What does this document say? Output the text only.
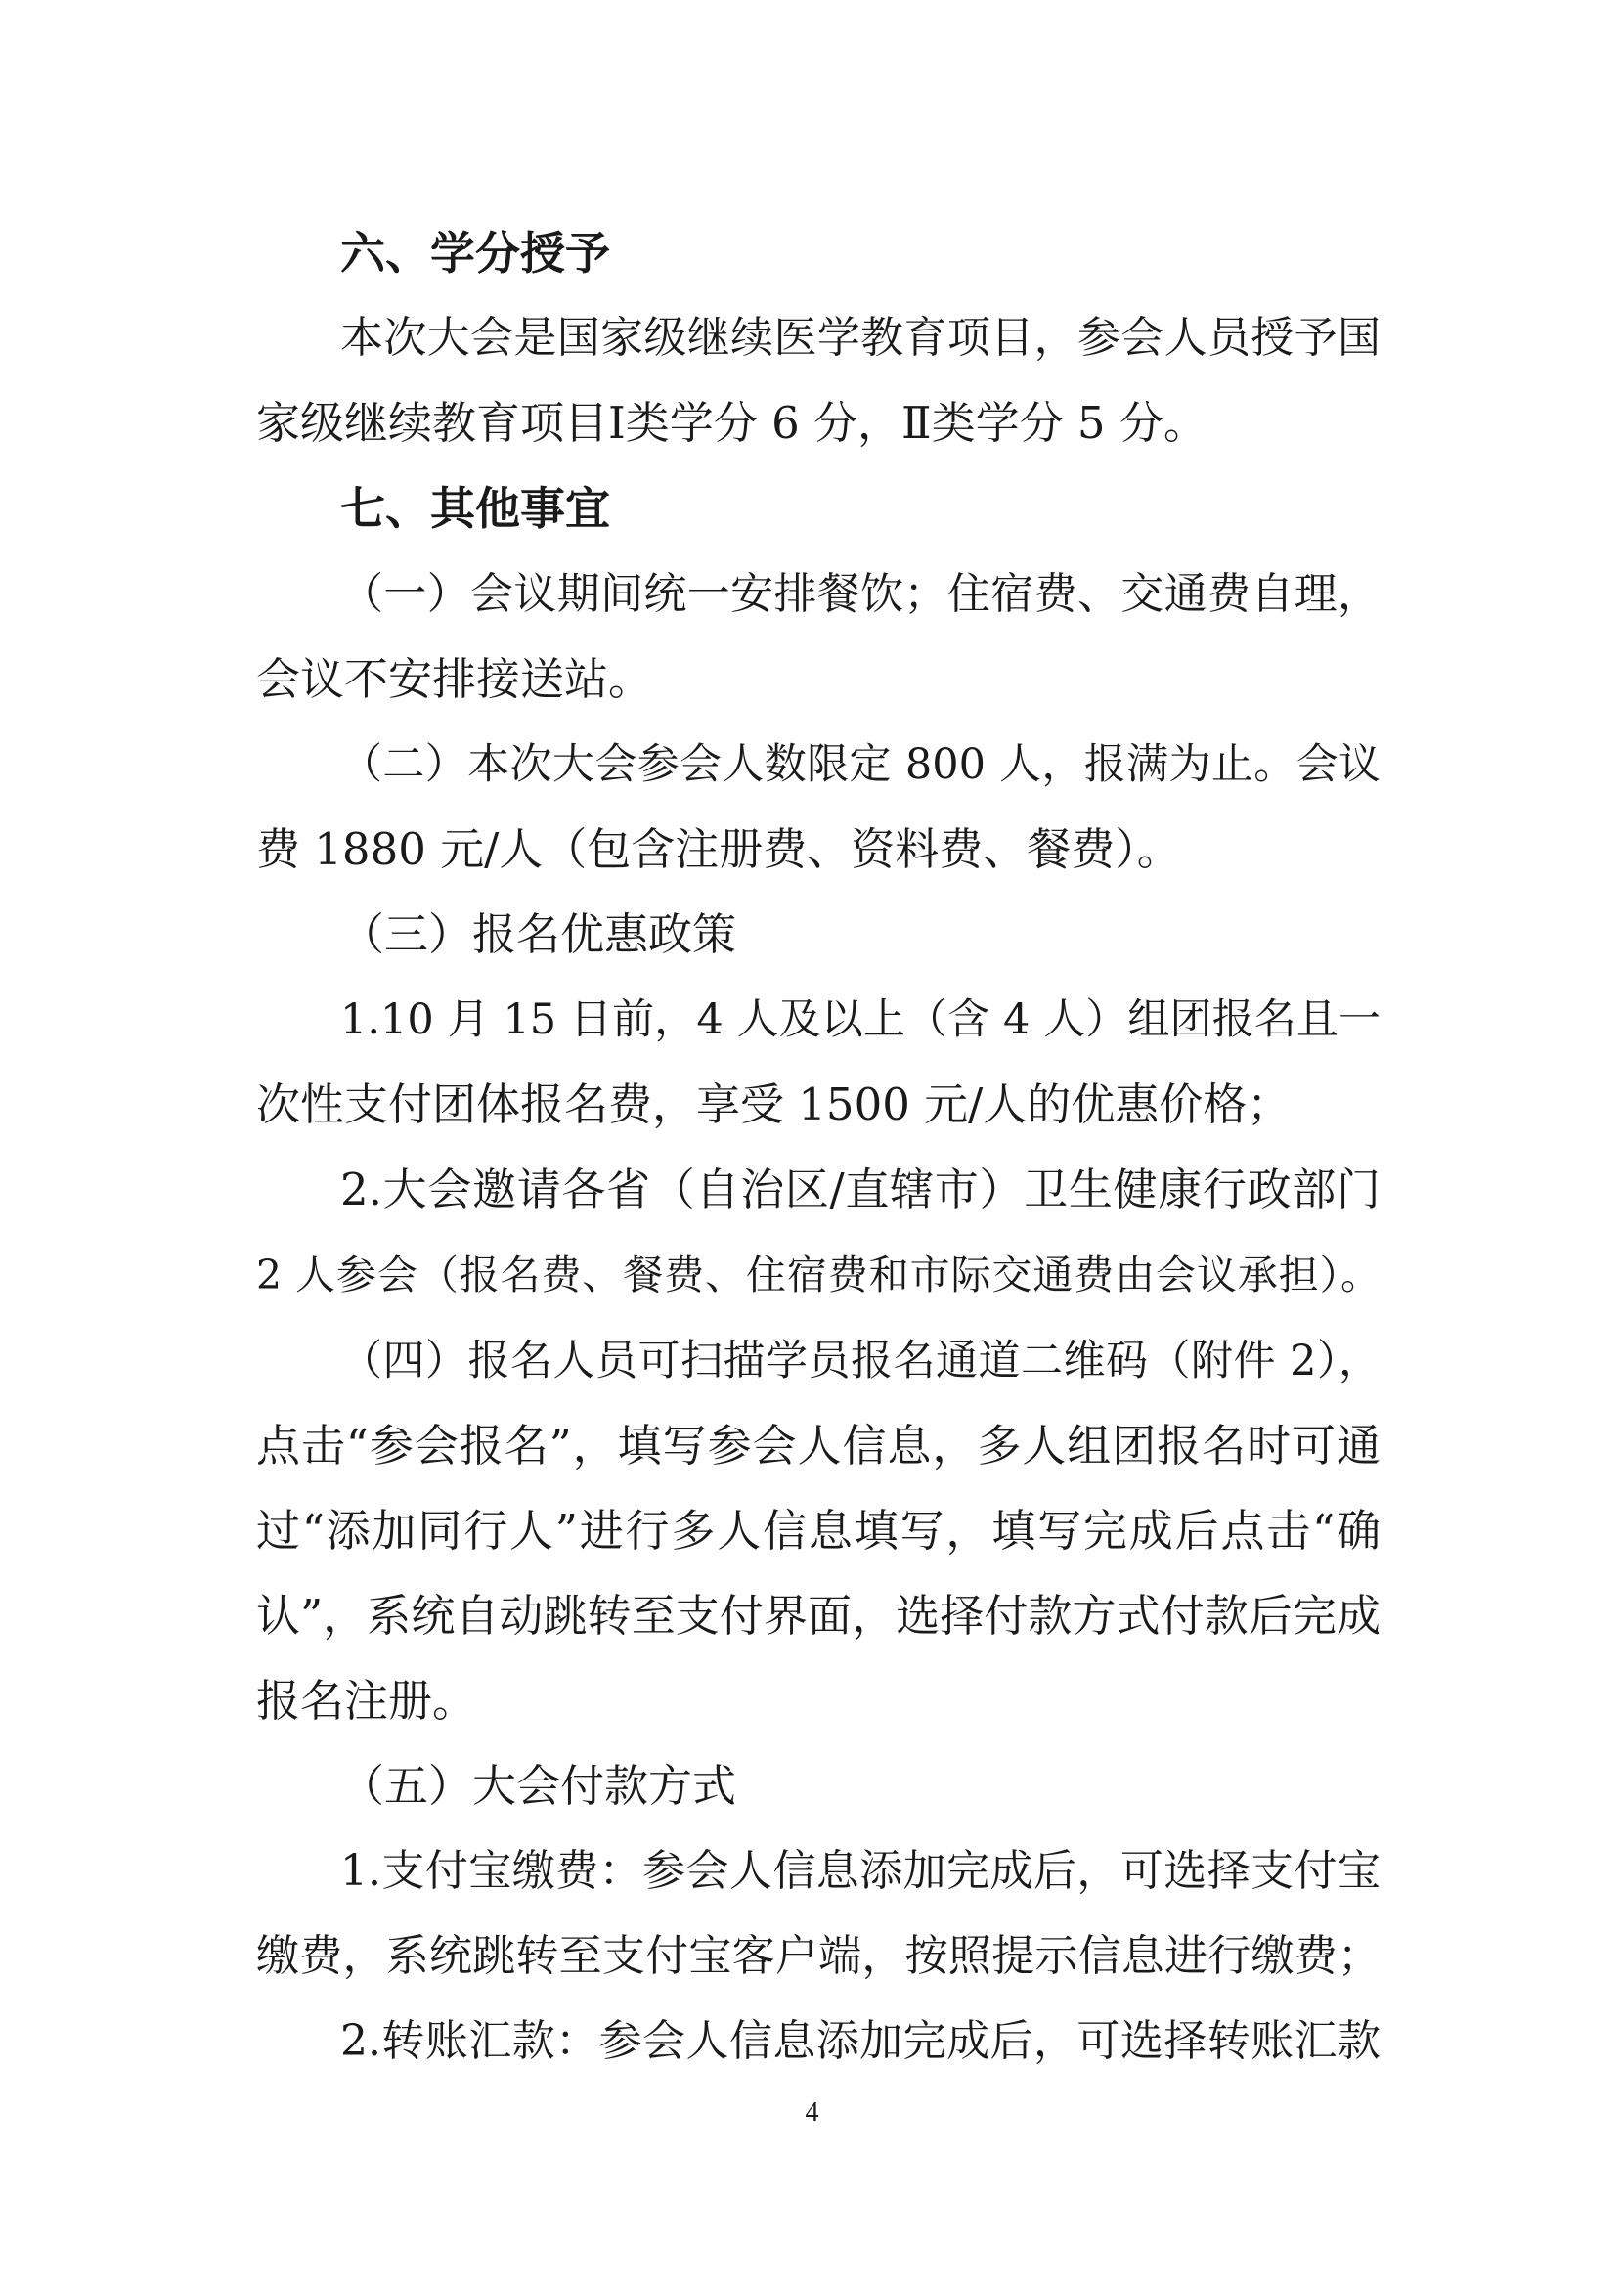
六、学分授予
本次大会是国家级继续医学教育项目，参会人员授予国
家级继续教育项目Ⅰ类学分 6 分，Ⅱ类学分 5 分。
七、其他事宜
（一）会议期间统一安排餐饮；住宿费、交通费自理，
会议不安排接送站。
（二）本次大会参会人数限定 800 人，报满为止。会议
费 1880 元/人（包含注册费、资料费、餐费）。
（三）报名优惠政策
1.10 月 15 日前，4 人及以上（含 4 人）组团报名且一
次性支付团体报名费，享受 1500 元/人的优惠价格；
2.大会邀请各省（自治区/直辖市）卫生健康行政部门
2 人参会（报名费、餐费、住宿费和市际交通费由会议承担）。
（四）报名人员可扫描学员报名通道二维码（附件 2），
点击“参会报名”，填写参会人信息，多人组团报名时可通
过“添加同行人”进行多人信息填写，填写完成后点击“确
认”，系统自动跳转至支付界面，选择付款方式付款后完成
报名注册。
（五）大会付款方式
1.支付宝缴费：参会人信息添加完成后，可选择支付宝
缴费，系统跳转至支付宝客户端，按照提示信息进行缴费；
2.转账汇款：参会人信息添加完成后，可选择转账汇款
4
